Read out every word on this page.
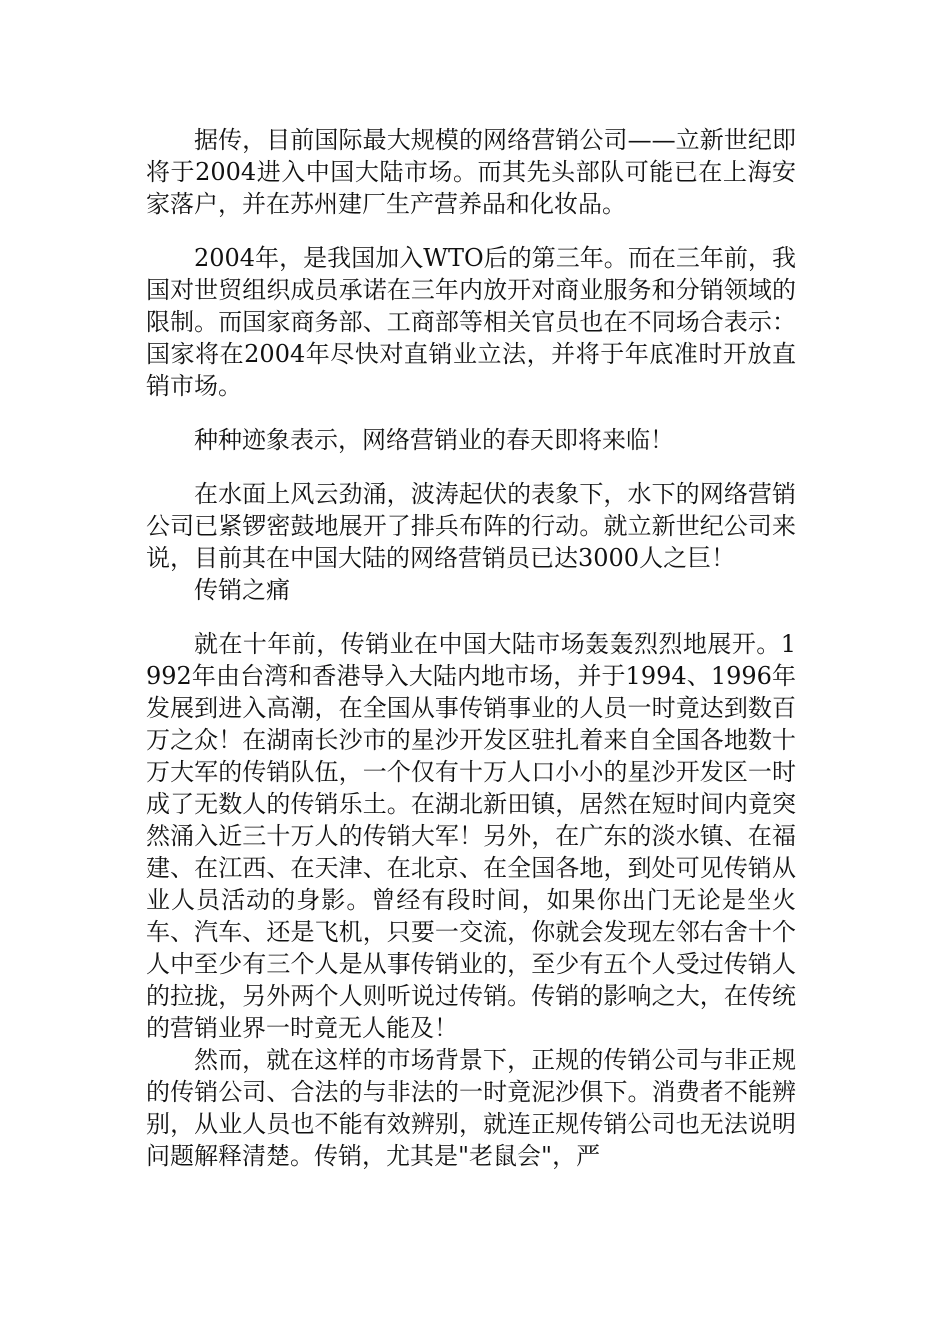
据传，目前国际最大规模的网络营销公司——立新世纪即将于2004进入中国大陆市场。而其先头部队可能已在上海安家落户，并在苏州建厂生产营养品和化妆品。

2004年，是我国加入WTO后的第三年。而在三年前，我国对世贸组织成员承诺在三年内放开对商业服务和分销领域的限制。而国家商务部、工商部等相关官员也在不同场合表示：国家将在2004年尽快对直销业立法，并将于年底准时开放直销市场。

种种迹象表示，网络营销业的春天即将来临！

在水面上风云劲涌，波涛起伏的表象下，水下的网络营销公司已紧锣密鼓地展开了排兵布阵的行动。就立新世纪公司来说，目前其在中国大陆的网络营销员已达3000人之巨！

传销之痛

就在十年前，传销业在中国大陆市场轰轰烈烈地展开。1992年由台湾和香港导入大陆内地市场，并于1994、1996年发展到进入高潮，在全国从事传销事业的人员一时竟达到数百万之众！在湖南长沙市的星沙开发区驻扎着来自全国各地数十万大军的传销队伍，一个仅有十万人口小小的星沙开发区一时成了无数人的传销乐土。在湖北新田镇，居然在短时间内竟突然涌入近三十万人的传销大军！另外，在广东的淡水镇、在福建、在江西、在天津、在北京、在全国各地，到处可见传销从业人员活动的身影。曾经有段时间，如果你出门无论是坐火车、汽车、还是飞机，只要一交流，你就会发现左邻右舍十个人中至少有三个人是从事传销业的，至少有五个人受过传销人的拉拢，另外两个人则听说过传销。传销的影响之大，在传统的营销业界一时竟无人能及！

然而，就在这样的市场背景下，正规的传销公司与非正规的传销公司、合法的与非法的一时竟泥沙俱下。消费者不能辨别，从业人员也不能有效辨别，就连正规传销公司也无法说明问题解释清楚。传销，尤其是"老鼠会"，严
